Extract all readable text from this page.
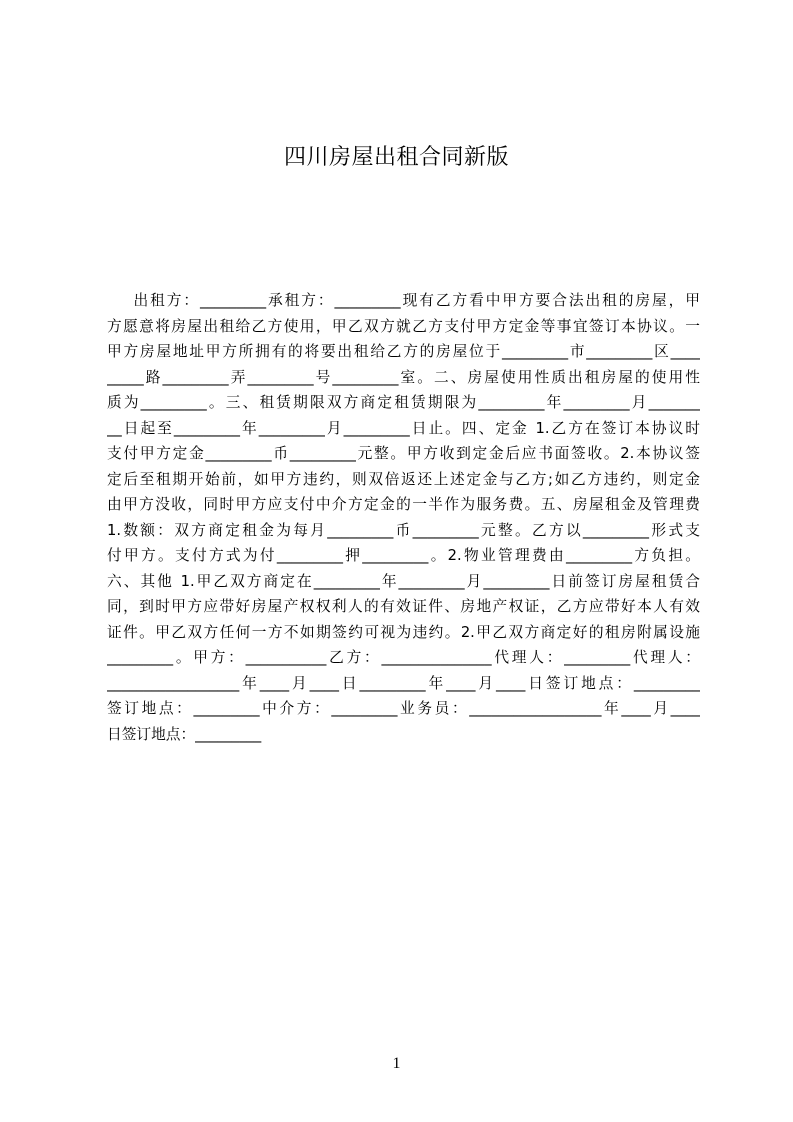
四川房屋出租合同新版
出租方：_________承租方：_________现有乙方看中甲方要合法出租的房屋，甲
方愿意将房屋出租给乙方使用，甲乙双方就乙方支付甲方定金等事宜签订本协议。一
甲方房屋地址甲方所拥有的将要出租给乙方的房屋位于_________市_________区____
_____路_________弄_________号_________室。二、房屋使用性质出租房屋的使用性
质为_________。三、租赁期限双方商定租赁期限为_________年_________月_______
__日起至_________年_________月_________日止。四、定金 1.乙方在签订本协议时
支付甲方定金_________币_________元整。甲方收到定金后应书面签收。2.本协议签
定后至租期开始前，如甲方违约，则双倍返还上述定金与乙方;如乙方违约，则定金
由甲方没收，同时甲方应支付中介方定金的一半作为服务费。五、房屋租金及管理费
1.数额：双方商定租金为每月_________币_________元整。乙方以_________形式支
付甲方。支付方式为付_________押_________。2.物业管理费由_________方负担。
六、其他 1.甲乙双方商定在_________年_________月_________日前签订房屋租赁合
同，到时甲方应带好房屋产权权利人的有效证件、房地产权证，乙方应带好本人有效
证件。甲乙双方任何一方不如期签约可视为违约。2.甲乙双方商定好的租房附属设施
_________。甲方：___________乙方：_______________代理人：_________代理人：
__________________年____月____日_________年____月____日签订地点：_________
签订地点：_________中介方：_________业务员：__________________年____月____
日签订地点：_________
1
